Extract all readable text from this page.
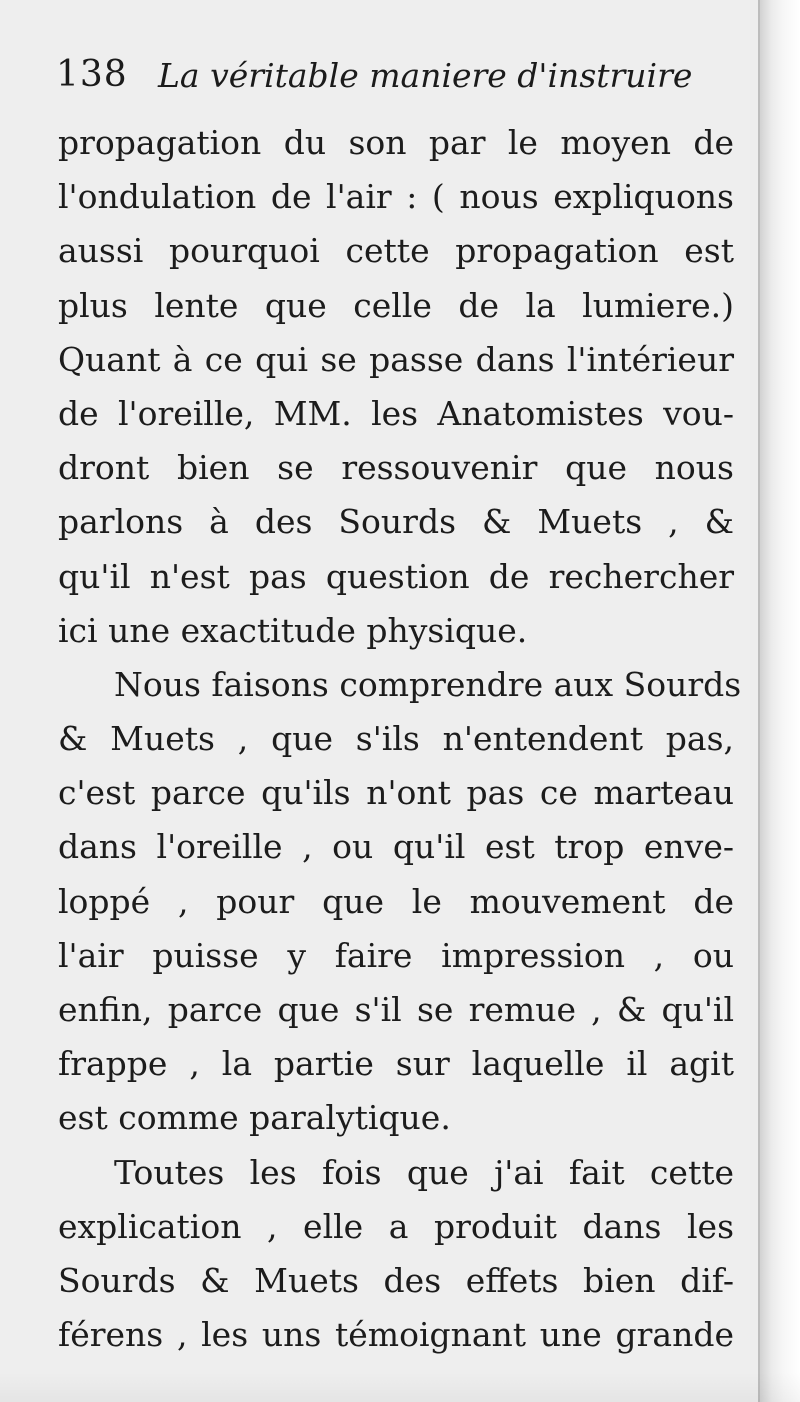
138 La véritable maniere d'instruire
propagation du son par le moyen de
l'ondulation de l'air : ( nous expliquons
aussi pourquoi cette propagation est
plus lente que celle de la lumiere.)
Quant à ce qui se passe dans l'intérieur
de l'oreille, MM. les Anatomistes vou-
dront bien se ressouvenir que nous
parlons à des Sourds & Muets , &
qu'il n'est pas question de rechercher
ici une exactitude physique.
Nous faisons comprendre aux Sourds
& Muets , que s'ils n'entendent pas,
c'est parce qu'ils n'ont pas ce marteau
dans l'oreille , ou qu'il est trop enve-
loppé , pour que le mouvement de
l'air puisse y faire impression , ou
enfin, parce que s'il se remue , & qu'il
frappe , la partie sur laquelle il agit
est comme paralytique.
Toutes les fois que j'ai fait cette
explication , elle a produit dans les
Sourds & Muets des effets bien dif-
férens , les uns témoignant une grande
